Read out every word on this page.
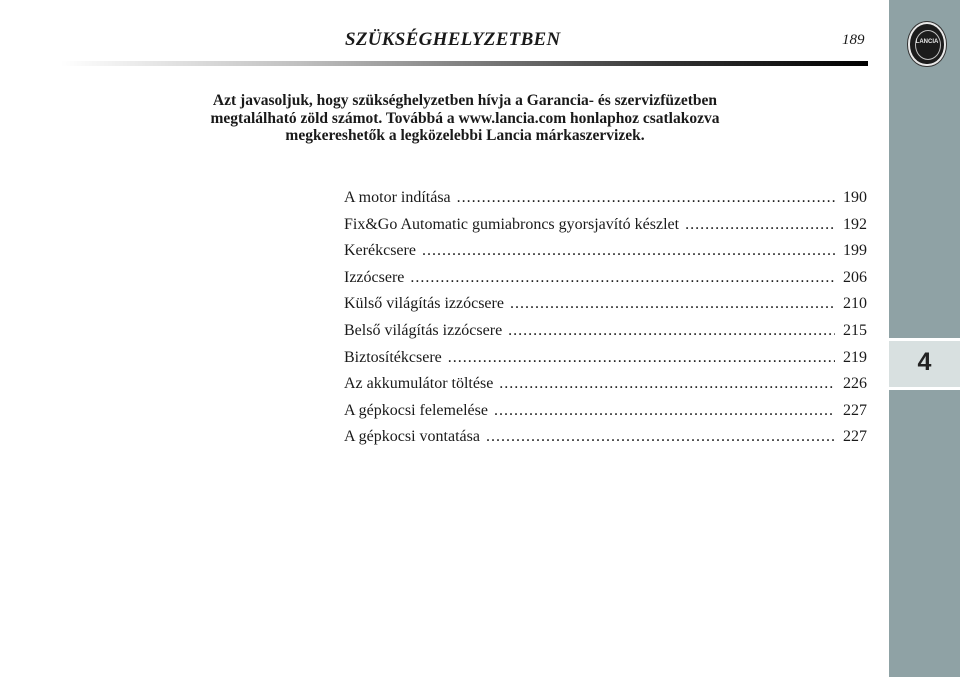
SZÜKSÉGHELYZETBEN	189
Azt javasoljuk, hogy szükséghelyzetben hívja a Garancia- és szervizfüzetben
megtalálható zöld számot. Továbbá a www.lancia.com honlaphoz csatlakozva
megkereshetők a legközelebbi Lancia márkaszervizek.
A motor indítása .....	190
Fix&Go Automatic gumiabroncs gyorsjavító készlet .....	192
Kerékcsere .....	199
Izzócsere .....	206
Külső világítás izzócsere .....	210
Belső világítás izzócsere .....	215
Biztosítékcsere .....	219
Az akkumulátor töltése .....	226
A gépkocsi felemelése .....	227
A gépkocsi vontatása .....	227
LANCIA
4
